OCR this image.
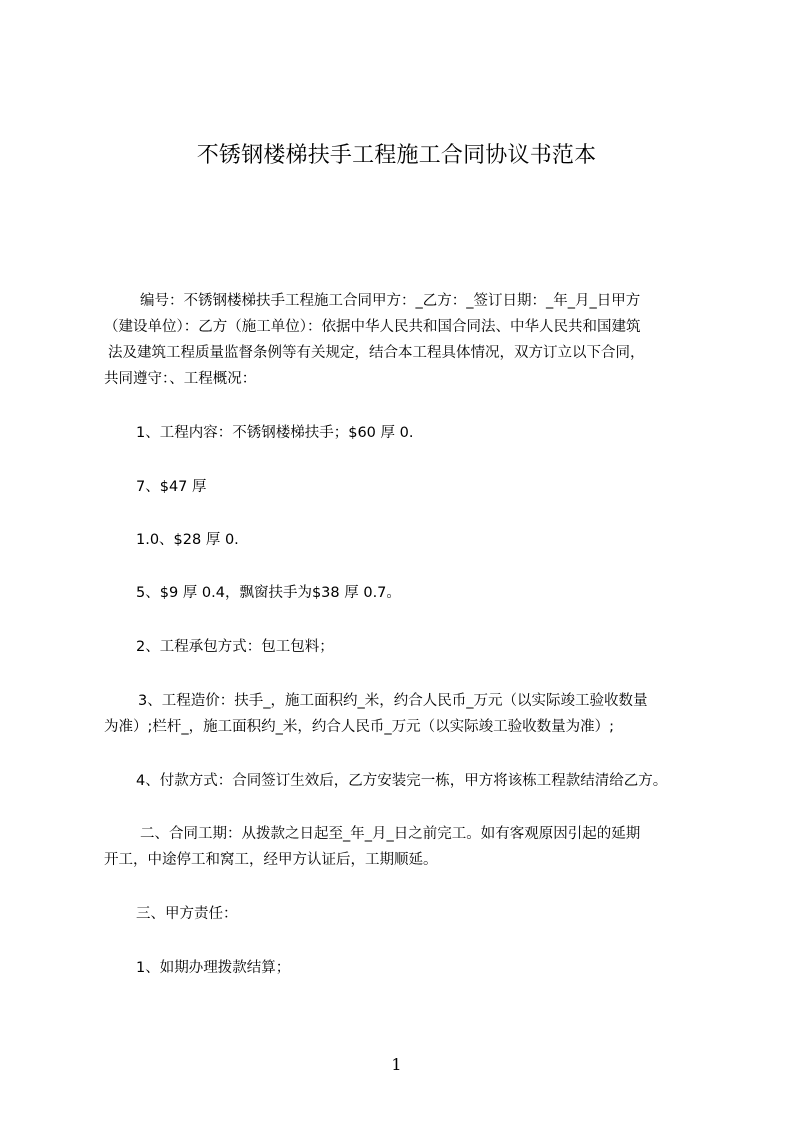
不锈钢楼梯扶手工程施工合同协议书范本
编号：不锈钢楼梯扶手工程施工合同甲方：_乙方：_签订日期：_年_月_日甲方
（建设单位）：乙方（施工单位）：依据中华人民共和国合同法、中华人民共和国建筑
法及建筑工程质量监督条例等有关规定，结合本工程具体情况，双方订立以下合同，
共同遵守：、工程概况：
1、工程内容：不锈钢楼梯扶手；$60 厚 0.
7、$47 厚
1.0、$28 厚 0.
5、$9 厚 0.4，飘窗扶手为$38 厚 0.7。
2、工程承包方式：包工包料；
3、工程造价：扶手_，施工面积约_米，约合人民币_万元（以实际竣工验收数量
为准）;栏杆_，施工面积约_米，约合人民币_万元（以实际竣工验收数量为准）;
4、付款方式：合同签订生效后，乙方安装完一栋，甲方将该栋工程款结清给乙方。
二、合同工期：从拨款之日起至_年_月_日之前完工。如有客观原因引起的延期
开工，中途停工和窝工，经甲方认证后，工期顺延。
三、甲方责任：
1、如期办理拨款结算；
1
